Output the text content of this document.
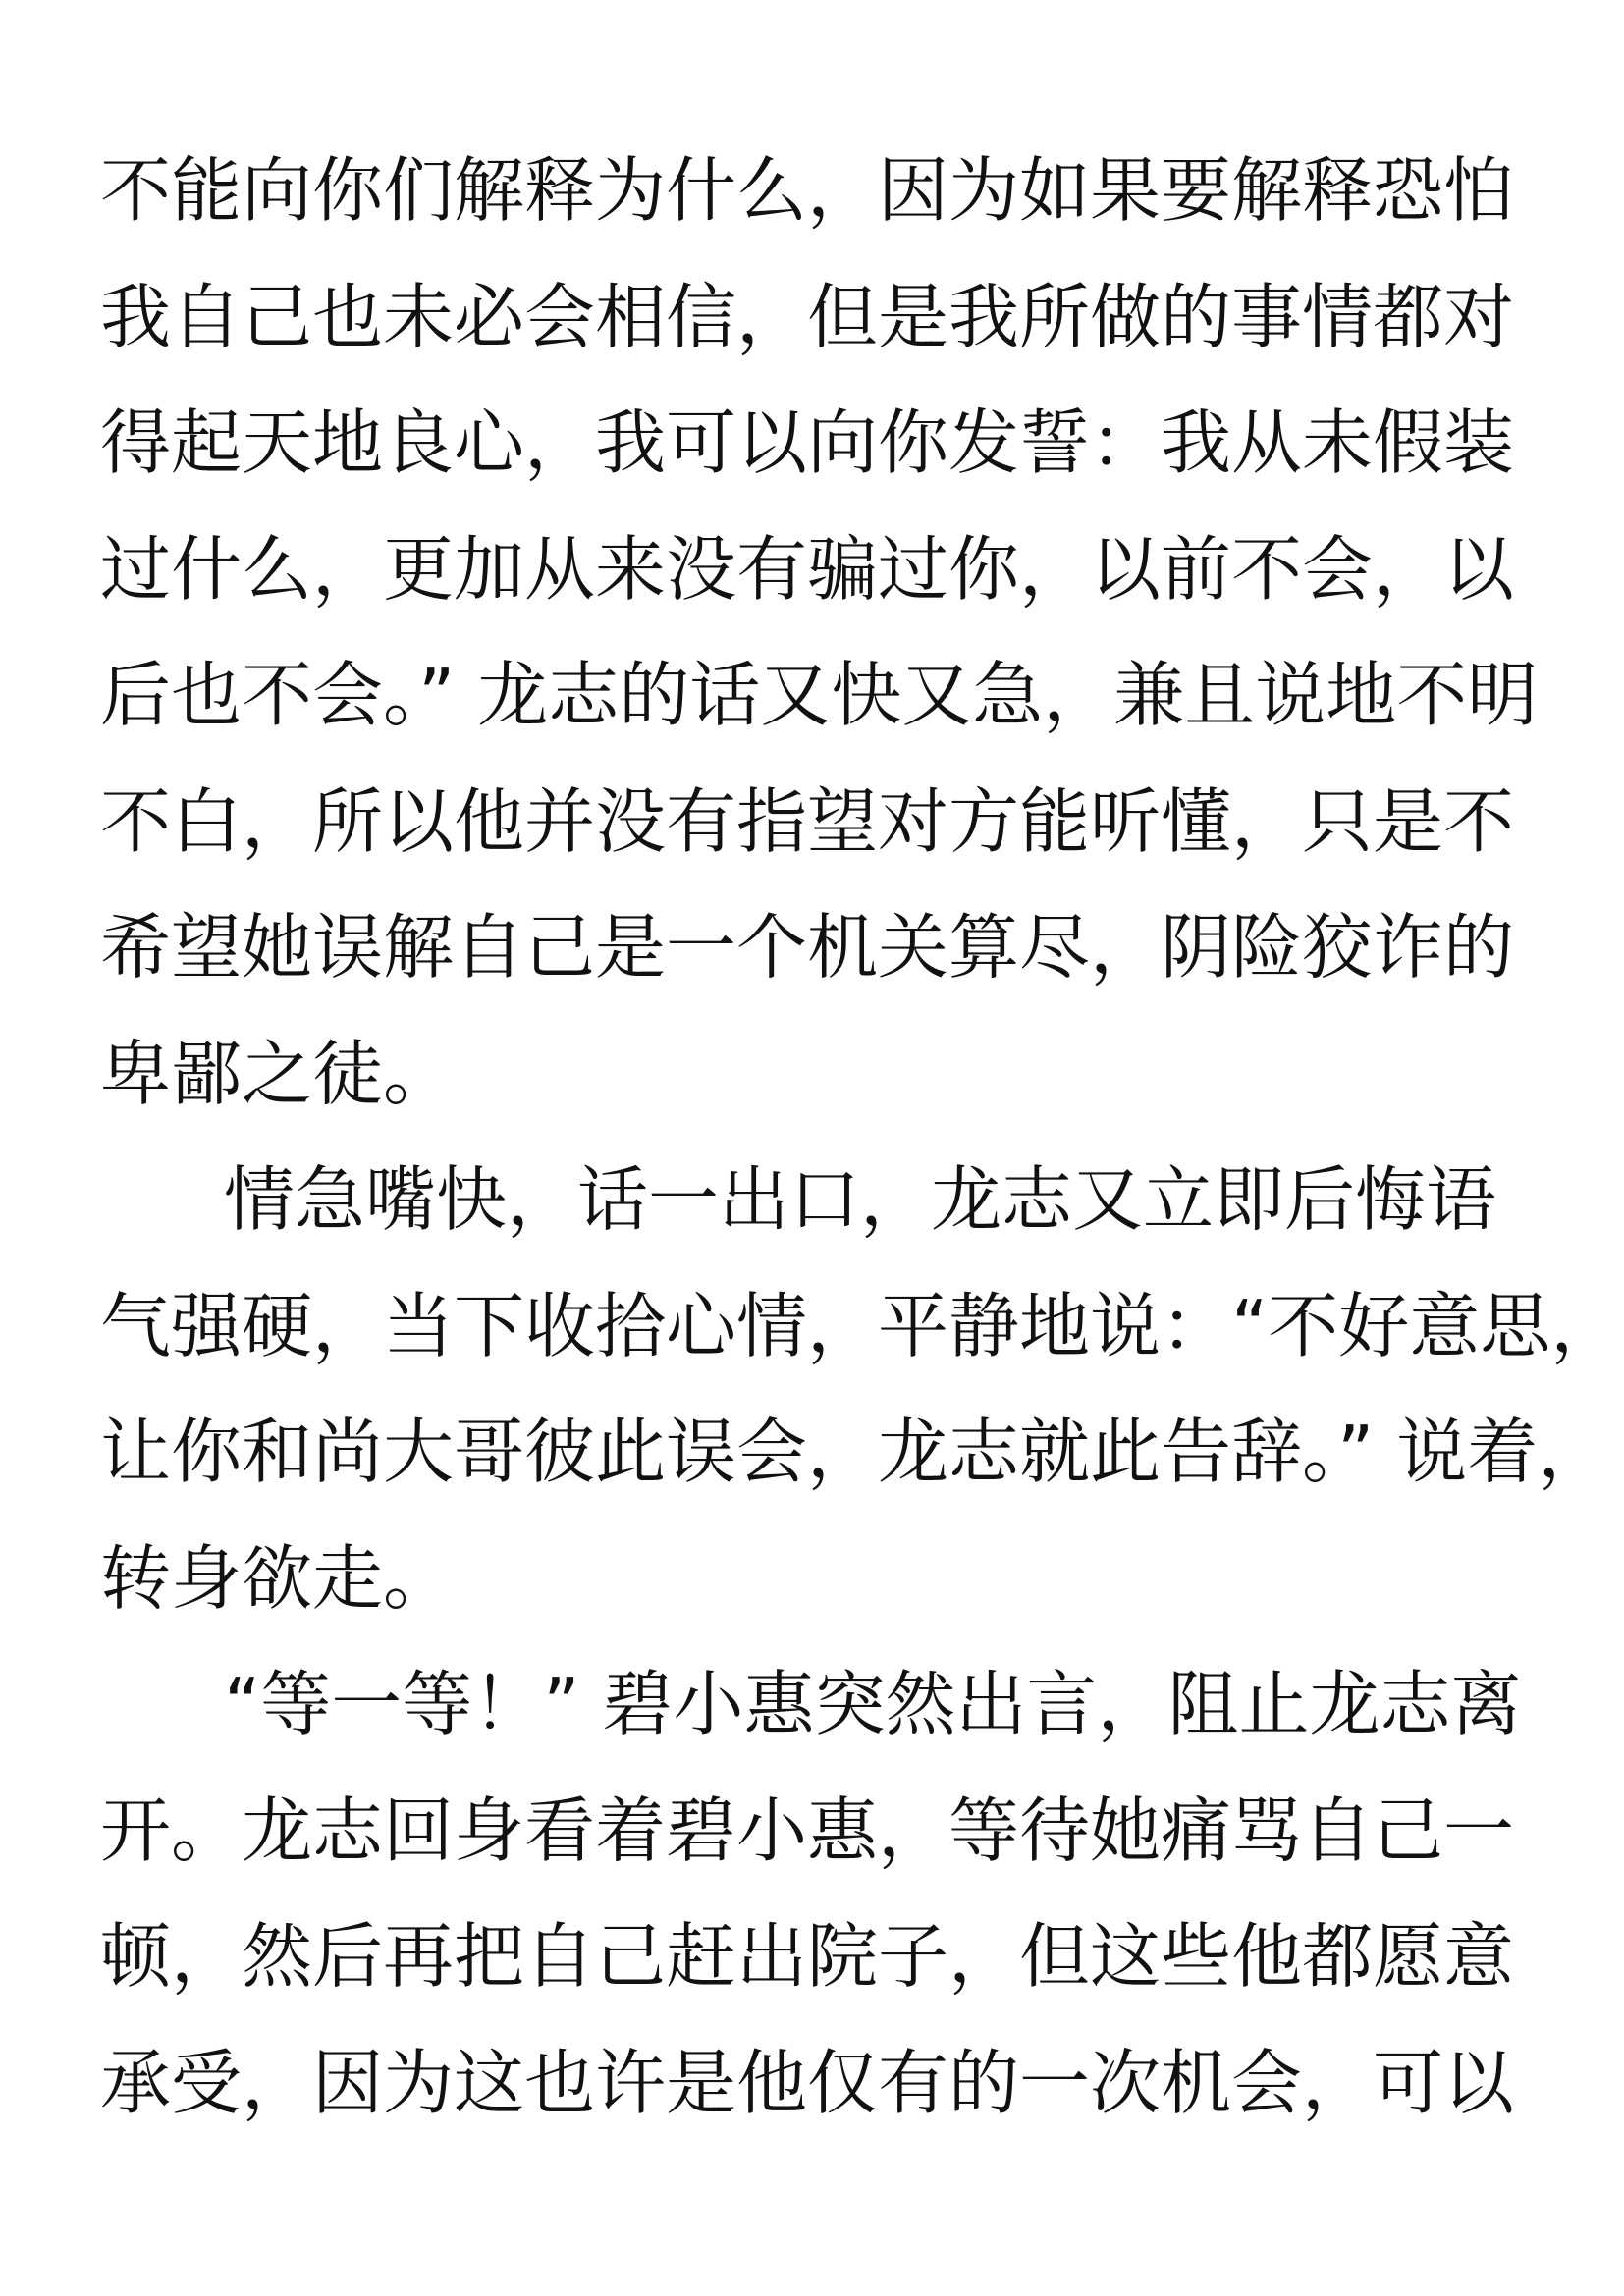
不能向你们解释为什么，因为如果要解释恐怕
我自己也未必会相信，但是我所做的事情都对
得起天地良心，我可以向你发誓：我从未假装
过什么，更加从来没有骗过你，以前不会，以
后也不会。” 龙志的话又快又急，兼且说地不明
不白，所以他并没有指望对方能听懂，只是不
希望她误解自己是一个机关算尽，阴险狡诈的
卑鄙之徒。
情急嘴快，话一出口，龙志又立即后悔语
气强硬，当下收拾心情，平静地说：“不好意思，
让你和尚大哥彼此误会，龙志就此告辞。” 说着，
转身欲走。
“等一等！” 碧小惠突然出言，阻止龙志离
开。龙志回身看着碧小惠，等待她痛骂自己一
顿，然后再把自己赶出院子，但这些他都愿意
承受，因为这也许是他仅有的一次机会，可以
